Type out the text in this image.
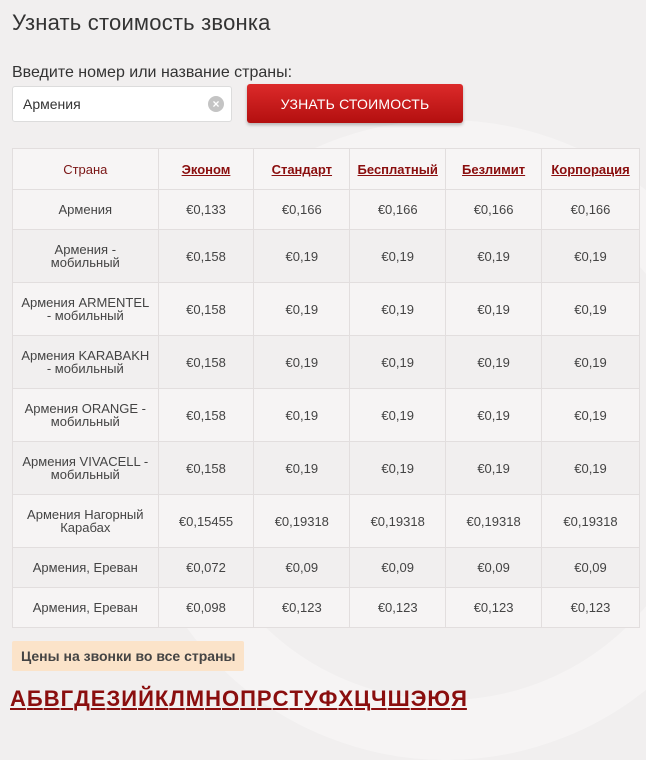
Узнать стоимость звонка
Введите номер или название страны:
Армения
×	УЗНАТЬ СТОИМОСТЬ
Страна	Эконом	Стандарт	Бесплатный	Безлимит	Корпорация

Армения	€0,133	€0,166	€0,166	€0,166	€0,166

Армения -
мобильный	€0,158	€0,19	€0,19	€0,19	€0,19

Армения ARMENTEL
- мобильный	€0,158	€0,19	€0,19	€0,19	€0,19

Армения KARABAKH
- мобильный	€0,158	€0,19	€0,19	€0,19	€0,19

Армения ORANGE -
мобильный	€0,158	€0,19	€0,19	€0,19	€0,19

Армения VIVACELL -
мобильный	€0,158	€0,19	€0,19	€0,19	€0,19

Армения Нагорный
Карабах	€0,15455	€0,19318	€0,19318	€0,19318	€0,19318

Армения, Ереван	€0,072	€0,09	€0,09	€0,09	€0,09

Армения, Ереван	€0,098	€0,123	€0,123	€0,123	€0,123
Цены на звонки во все страны
А Б В Г Д Е З И Й К Л М Н О П Р С Т У Ф Х Ц Ч Ш Э Ю Я
